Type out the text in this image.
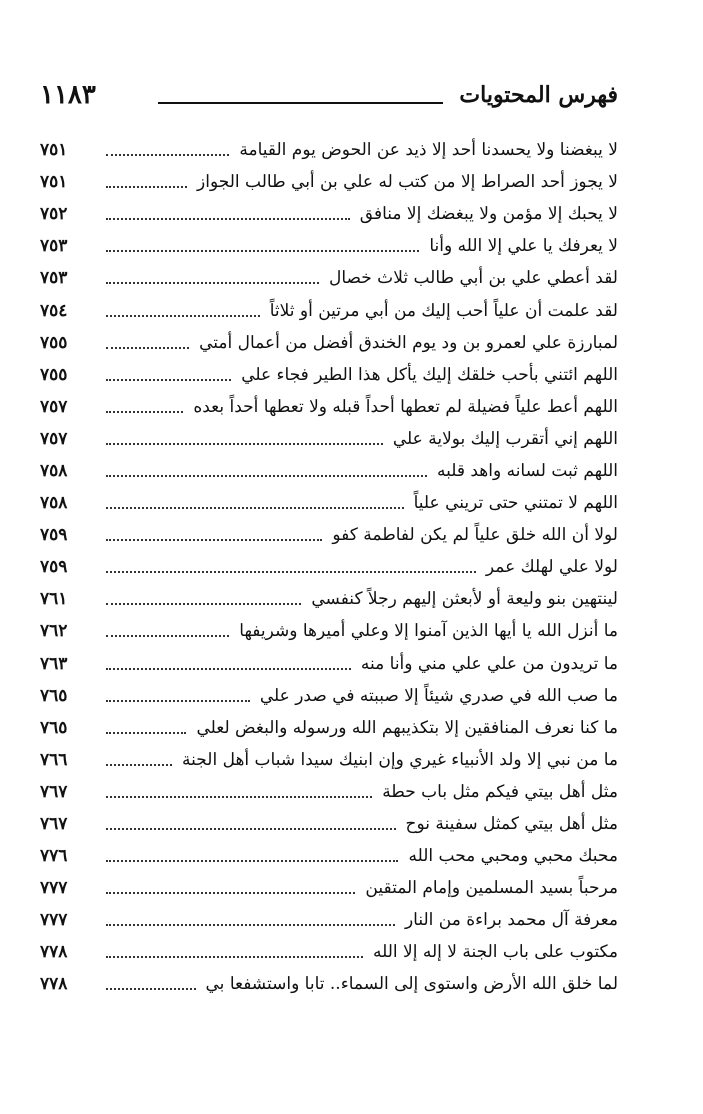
فهرس المحتويات
١١٨٣
٧٥١	لا يبغضنا ولا يحسدنا أحد إلا ذيد عن الحوض يوم القيامة
٧٥١	لا يجوز أحد الصراط إلا من كتب له علي بن أبي طالب الجواز
٧٥٢	لا يحبك إلا مؤمن ولا يبغضك إلا منافق
٧٥٣	لا يعرفك يا علي إلا الله وأنا
٧٥٣	لقد أعطي علي بن أبي طالب ثلاث خصال
٧٥٤	لقد علمت أن علياً أحب إليك من أبي مرتين أو ثلاثاً
٧٥٥	لمبارزة علي لعمرو بن ود يوم الخندق أفضل من أعمال أمتي
٧٥٥	اللهم ائتني بأحب خلقك إليك يأكل هذا الطير فجاء علي
٧٥٧	اللهم أعط علياً فضيلة لم تعطها أحداً قبله ولا تعطها أحداً بعده
٧٥٧	اللهم إني أتقرب إليك بولاية علي
٧٥٨	اللهم ثبت لسانه واهد قلبه
٧٥٨	اللهم لا تمتني حتى تريني علياً
٧٥٩	لولا أن الله خلق علياً لم يكن لفاطمة كفو
٧٥٩	لولا علي لهلك عمر
٧٦١	لينتهين بنو وليعة أو لأبعثن إليهم رجلاً كنفسي
٧٦٢	ما أنزل الله يا أيها الذين آمنوا إلا وعلي أميرها وشريفها
٧٦٣	ما تريدون من علي علي مني وأنا منه
٧٦٥	ما صب الله في صدري شيئاً إلا صببته في صدر علي
٧٦٥	ما كنا نعرف المنافقين إلا بتكذيبهم الله ورسوله والبغض لعلي
٧٦٦	ما من نبي إلا ولد الأنبياء غيري وإن ابنيك سيدا شباب أهل الجنة
٧٦٧	مثل أهل بيتي فيكم مثل باب حطة
٧٦٧	مثل أهل بيتي كمثل سفينة نوح
٧٧٦	محبك محبي ومحبي محب الله
٧٧٧	مرحباً بسيد المسلمين وإمام المتقين
٧٧٧	معرفة آل محمد براءة من النار
٧٧٨	مكتوب على باب الجنة لا إله إلا الله
٧٧٨	لما خلق الله الأرض واستوى إلى السماء.. تابا واستشفعا بي
